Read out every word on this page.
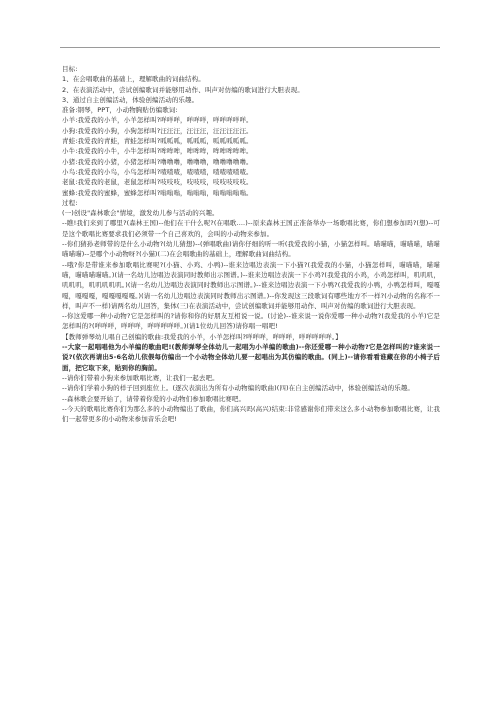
目标:

1、在会唱歌曲的基础上，理解歌曲的词曲结构。

2、在表演活动中，尝试创编歌词并能够用动作、叫声对仿编的歌词进行大胆表现。

3、通过自主创编活动，体验创编活动的乐趣。

准备:钢琴，PPT，小动物胸贴仿编歌词:

小羊:我爱我的小羊，小羊怎样叫?咩咩咩，咩咩咩，咩咩咩咩咩。

小狗:我爱我的小狗，小狗怎样叫?汪汪汪，汪汪汪，汪汪汪汪汪。

青蛙:我爱我的青蛙，青蛙怎样叫?呱呱呱，呱呱呱，呱呱呱呱呱。

小牛:我爱我的小牛，小牛怎样叫?哞哞哞，哞哞哞，哞哞哞哞哞。

小猪:我爱我的小猪，小猪怎样叫?噜噜噜，噜噜噜，噜噜噜噜噜。

小鸟:我爱我的小鸟，小鸟怎样叫?喳喳喳，喳喳喳，喳喳喳喳喳。

老鼠:我爱我的老鼠，老鼠怎样叫?吱吱吱，吱吱吱，吱吱吱吱吱。

蜜蜂:我爱我的蜜蜂，蜜蜂怎样叫?嗡嗡嗡，嗡嗡嗡，嗡嗡嗡嗡嗡。

过程:

(一)创设"森林歌会"情境，激发幼儿参与活动的兴趣。

--瞧!我们来到了哪里?(森林王国)--他们在干什么呢?(在唱歌....)--原来森林王国正准备举办一场歌唱比赛，你们想参加吗?(想)--可是这个歌唱比赛要求我们必须带一个自己喜欢的，会叫的小动物来参加。

--你们猜孙老师带的是什么小动物?(幼儿猜想)--(弹唱歌曲)请你仔细的听一听(我爱我的小猫，小猫怎样叫。喵喵喵，喵喵喵，喵喵喵喵喵)--是哪个小动物呀?(小猫)(二)在会唱歌曲的基础上，理解歌曲词曲结构。

--哦?你是带谁来参加歌唱比赛呢?(小猫、小鸡、小鸭)--谁来边唱边表演一下小猫?(我爱我的小猫，小猫怎样叫，喵喵喵，喵喵喵，喵喵喵喵喵。)(请一名幼儿边唱边表演同时教师出示图谱。)--谁来边唱边表演一下小鸡?(我爱我的小鸡，小鸡怎样叫，叽叽叽，叽叽叽，叽叽叽叽叽。)(请一名幼儿边唱边表演同时教师出示图谱。)--谁来边唱边表演一下小鸭?(我爱我的小鸭，小鸭怎样叫，嘎嘎嘎，嘎嘎嘎，嘎嘎嘎嘎嘎。)(请一名幼儿边唱边表演同时教师出示图谱。)--你发现这三段歌词有哪些地方不一样?(小动物的名称不一样，叫声不一样)请两名幼儿回答，集体(三)在表演活动中，尝试创编歌词并能够用动作、叫声对仿编的歌词进行大胆表现。

--你这爱哪一种小动物?它是怎样叫的?请你和你的好朋友互相说一说。(讨论)--谁来说一说你爱哪一种小动物?(我爱我的小羊)它是怎样叫的?(咩咩咩，咩咩咩，咩咩咩咩咩。)(请1位幼儿回答)请你唱一唱吧!

【教师弹琴幼儿唱自己创编的歌曲:我爱我的小羊，小羊怎样叫?咩咩咩，咩咩咩，咩咩咩咩咩。】

--大家一起唱唱他为小羊编的歌曲吧!(教师弹琴全体幼儿一起唱为小羊编的歌曲)--你还爱哪一种小动物?它是怎样叫的?谁来说一说?(依次再请出5-6名幼儿依偎每仿编出一个小动物全体幼儿要一起唱出为其仿编的歌曲。(同上)--请你看看谁藏在你的小椅子后面，把它取下来，贴到你的胸前。

--请你们带着小狗来参加歌唱比赛，让我们一起去吧。

--请你们学着小狗的样子回到座位上。(逐次表演出为所有小动物编的歌曲)(四)在自主创编活动中，体验创编活动的乐趣。

--森林歌会要开始了，请带着你爱的小动物们参加歌唱比赛吧。

--今天的歌唱比赛你们为那么多的小动物编出了歌曲，你们高兴吗(高兴)结束:非常感谢你们带来这么多小动物参加歌唱比赛，让我们一起带更多的小动物来参加音乐会吧!
